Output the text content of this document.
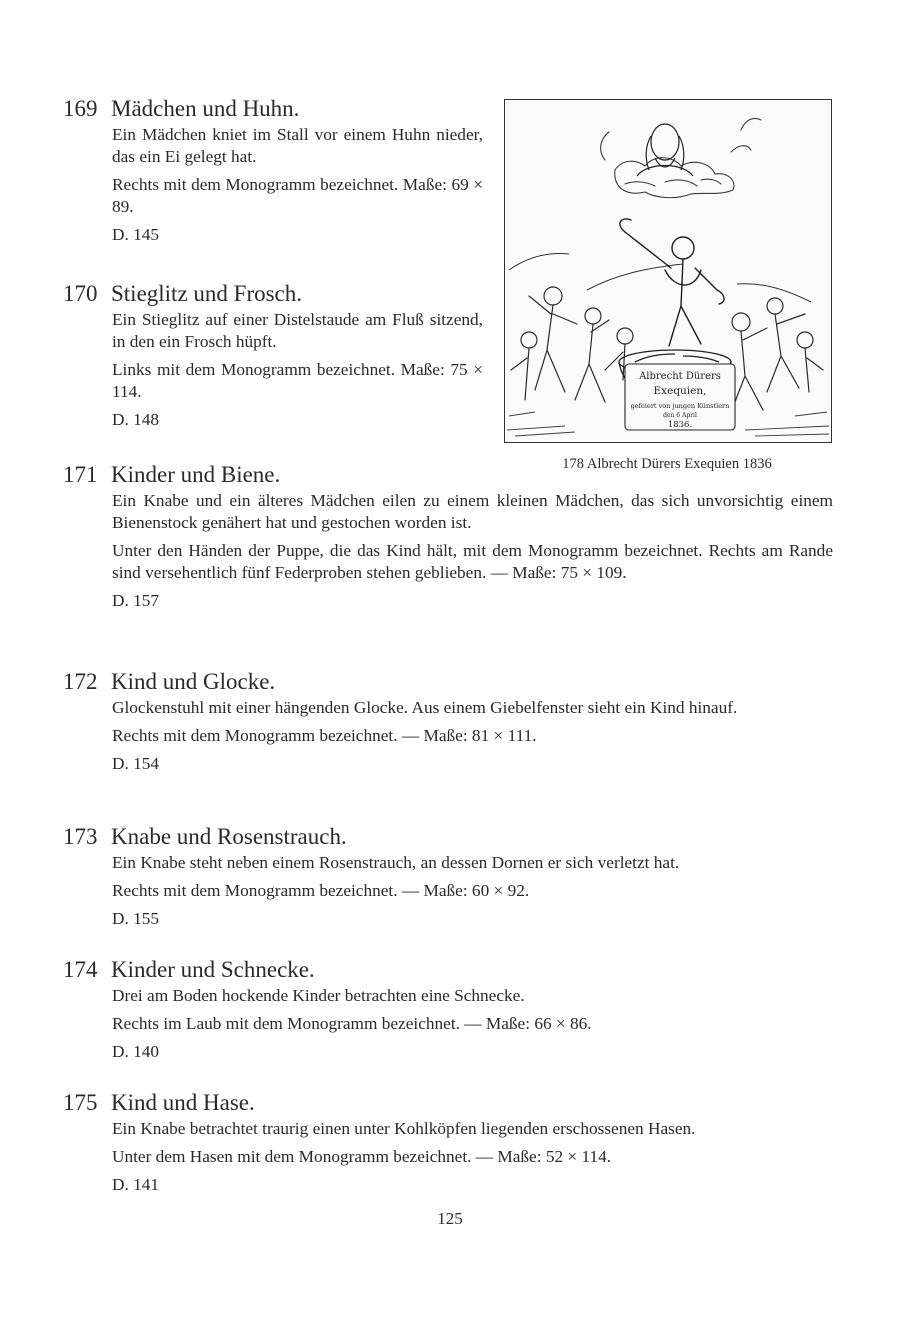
169 Mädchen und Huhn.

Ein Mädchen kniet im Stall vor einem Huhn nieder, das ein Ei gelegt hat.

Rechts mit dem Monogramm bezeichnet. Maße: 69 × 89.

D. 145

170 Stieglitz und Frosch.

Ein Stieglitz auf einer Distelstaude am Fluß sitzend, in den ein Frosch hüpft.

Links mit dem Monogramm bezeichnet. Maße: 75 × 114.

D. 148

171 Kinder und Biene.

Ein Knabe und ein älteres Mädchen eilen zu einem kleinen Mädchen, das sich unvorsichtig einem Bienenstock genähert hat und gestochen worden ist.

Unter den Händen der Puppe, die das Kind hält, mit dem Monogramm bezeichnet. Rechts am Rande sind versehentlich fünf Federproben stehen geblieben. — Maße: 75 × 109.

D. 157

172 Kind und Glocke.

Glockenstuhl mit einer hängenden Glocke. Aus einem Giebelfenster sieht ein Kind hinauf.

Rechts mit dem Monogramm bezeichnet. — Maße: 81 × 111.

D. 154

173 Knabe und Rosenstrauch.

Ein Knabe steht neben einem Rosenstrauch, an dessen Dornen er sich verletzt hat.

Rechts mit dem Monogramm bezeichnet. — Maße: 60 × 92.

D. 155

174 Kinder und Schnecke.

Drei am Boden hockende Kinder betrachten eine Schnecke.

Rechts im Laub mit dem Monogramm bezeichnet. — Maße: 66 × 86.

D. 140

175 Kind und Hase.

Ein Knabe betrachtet traurig einen unter Kohlköpfen liegenden erschossenen Hasen.

Unter dem Hasen mit dem Monogramm bezeichnet. — Maße: 52 × 114.

D. 141

Albrecht Dürers
Exequien,
gefeiert von jungen Künstlern
den 6 April
1836.
178 Albrecht Dürers Exequien 1836
125
